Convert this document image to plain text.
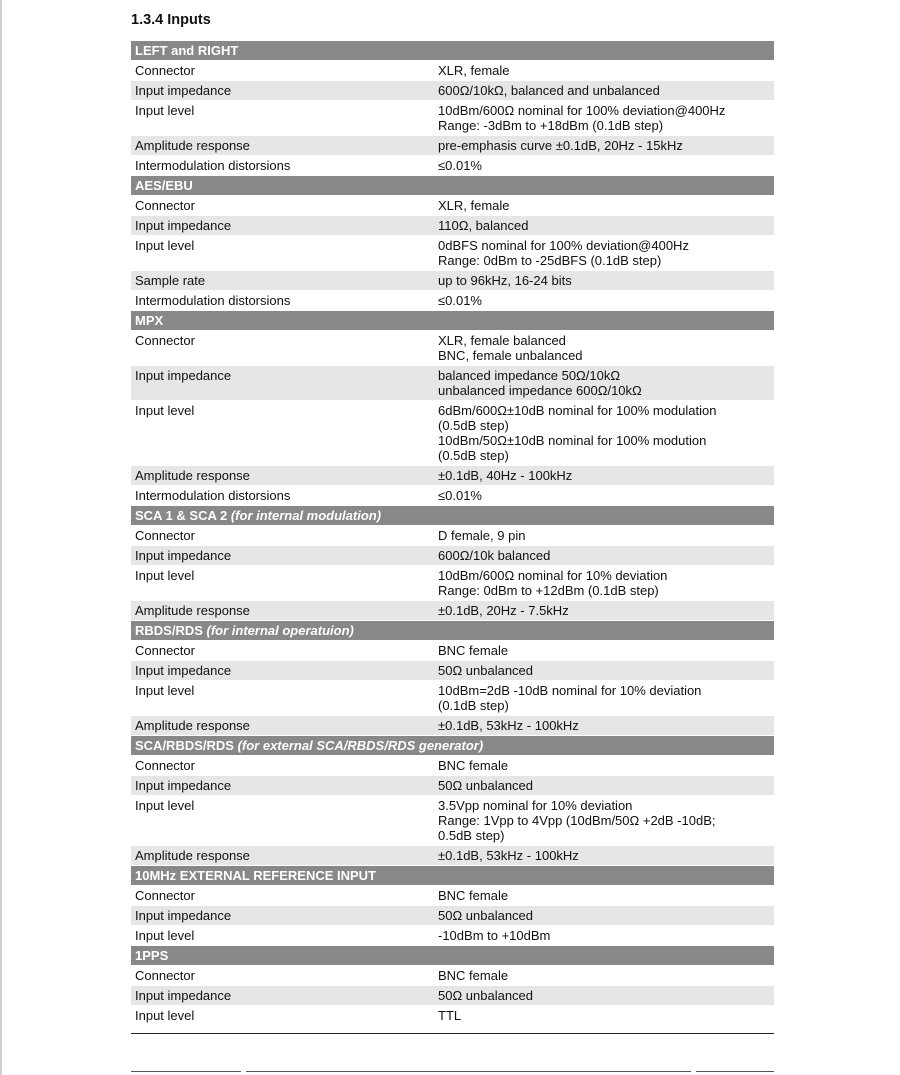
1.3.4 Inputs
LEFT and RIGHT
Connector	XLR, female
Input impedance	600Ω/10kΩ, balanced and unbalanced
Input level	10dBm/600Ω nominal for 100% deviation@400Hz
Range: -3dBm to +18dBm (0.1dB step)
Amplitude response	pre-emphasis curve ±0.1dB, 20Hz - 15kHz
Intermodulation distorsions	≤0.01%
AES/EBU
Connector	XLR, female
Input impedance	110Ω, balanced
Input level	0dBFS nominal for 100% deviation@400Hz
Range: 0dBm to -25dBFS (0.1dB step)
Sample rate	up to 96kHz, 16-24 bits
Intermodulation distorsions	≤0.01%
MPX
Connector	XLR, female balanced
BNC, female unbalanced
Input impedance	balanced impedance 50Ω/10kΩ
unbalanced impedance 600Ω/10kΩ
Input level	6dBm/600Ω±10dB nominal for 100% modulation
(0.5dB step)
10dBm/50Ω±10dB nominal for 100% modution
(0.5dB step)
Amplitude response	±0.1dB, 40Hz - 100kHz
Intermodulation distorsions	≤0.01%
SCA 1 & SCA 2 (for internal modulation)
Connector	D female, 9 pin
Input impedance	600Ω/10k balanced
Input level	10dBm/600Ω nominal for 10% deviation
Range: 0dBm to +12dBm (0.1dB step)
Amplitude response	±0.1dB, 20Hz - 7.5kHz
RBDS/RDS (for internal operatuion)
Connector	BNC female
Input impedance	50Ω unbalanced
Input level	10dBm=2dB -10dB nominal for 10% deviation
(0.1dB step)
Amplitude response	±0.1dB, 53kHz - 100kHz
SCA/RBDS/RDS (for external SCA/RBDS/RDS generator)
Connector	BNC female
Input impedance	50Ω unbalanced
Input level	3.5Vpp nominal for 10% deviation
Range: 1Vpp to 4Vpp (10dBm/50Ω +2dB -10dB;
0.5dB step)
Amplitude response	±0.1dB, 53kHz - 100kHz
10MHz EXTERNAL REFERENCE INPUT
Connector	BNC female
Input impedance	50Ω unbalanced
Input level	-10dBm to +10dBm
1PPS
Connector	BNC female
Input impedance	50Ω unbalanced
Input level	TTL
